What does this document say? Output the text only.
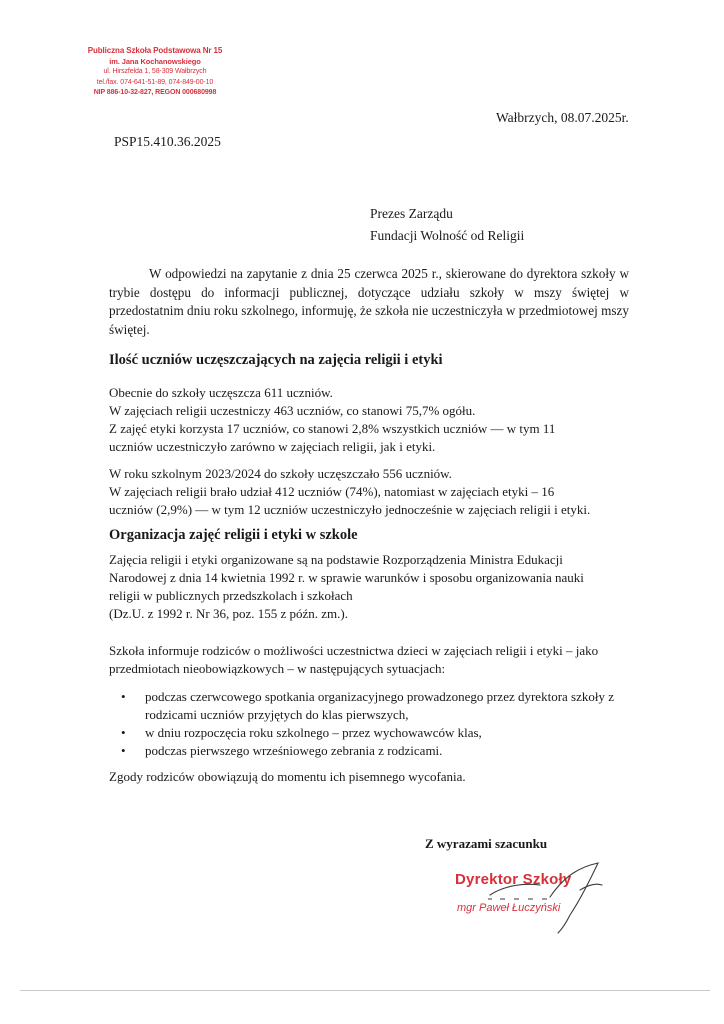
Publiczna Szkoła Podstawowa Nr 15
im. Jana Kochanowskiego
ul. Hirszfelda 1, 58-309 Wałbrzych
tel./fax. 074-641-51-89, 074-849-00-10
NIP 886-10-32-827, REGON 000680998
Wałbrzych, 08.07.2025r.
PSP15.410.36.2025
Prezes Zarządu
Fundacji Wolność od Religii

W odpowiedzi na zapytanie z dnia 25 czerwca 2025 r., skierowane do dyrektora szkoły w trybie dostępu do informacji publicznej, dotyczące udziału szkoły w mszy świętej w przedostatnim dniu roku szkolnego, informuję, że szkoła nie uczestniczyła w przedmiotowej mszy świętej.

Ilość uczniów uczęszczających na zajęcia religii i etyki

Obecnie do szkoły uczęszcza 611 uczniów.

W zajęciach religii uczestniczy 463 uczniów, co stanowi 75,7% ogółu.

Z zajęć etyki korzysta 17 uczniów, co stanowi 2,8% wszystkich uczniów — w tym 11

uczniów uczestniczyło zarówno w zajęciach religii, jak i etyki.

W roku szkolnym 2023/2024 do szkoły uczęszczało 556 uczniów.

W zajęciach religii brało udział 412 uczniów (74%), natomiast w zajęciach etyki – 16

uczniów (2,9%) — w tym 12 uczniów uczestniczyło jednocześnie w zajęciach religii i etyki.

Organizacja zajęć religii i etyki w szkole

Zajęcia religii i etyki organizowane są na podstawie Rozporządzenia Ministra Edukacji

Narodowej z dnia 14 kwietnia 1992 r. w sprawie warunków i sposobu organizowania nauki

religii w publicznych przedszkolach i szkołach

(Dz.U. z 1992 r. Nr 36, poz. 155 z późn. zm.).

Szkoła informuje rodziców o możliwości uczestnictwa dzieci w zajęciach religii i etyki – jako

przedmiotach nieobowiązkowych – w następujących sytuacjach:

• podczas czerwcowego spotkania organizacyjnego prowadzonego przez dyrektora szkoły z rodzicami uczniów przyjętych do klas pierwszych,
• w dniu rozpoczęcia roku szkolnego – przez wychowawców klas,
• podczas pierwszego wrześniowego zebrania z rodzicami.
Zgody rodziców obowiązują do momentu ich pisemnego wycofania.
Z wyrazami szacunku
Dyrektor Szkoły
mgr Paweł Łuczyński
